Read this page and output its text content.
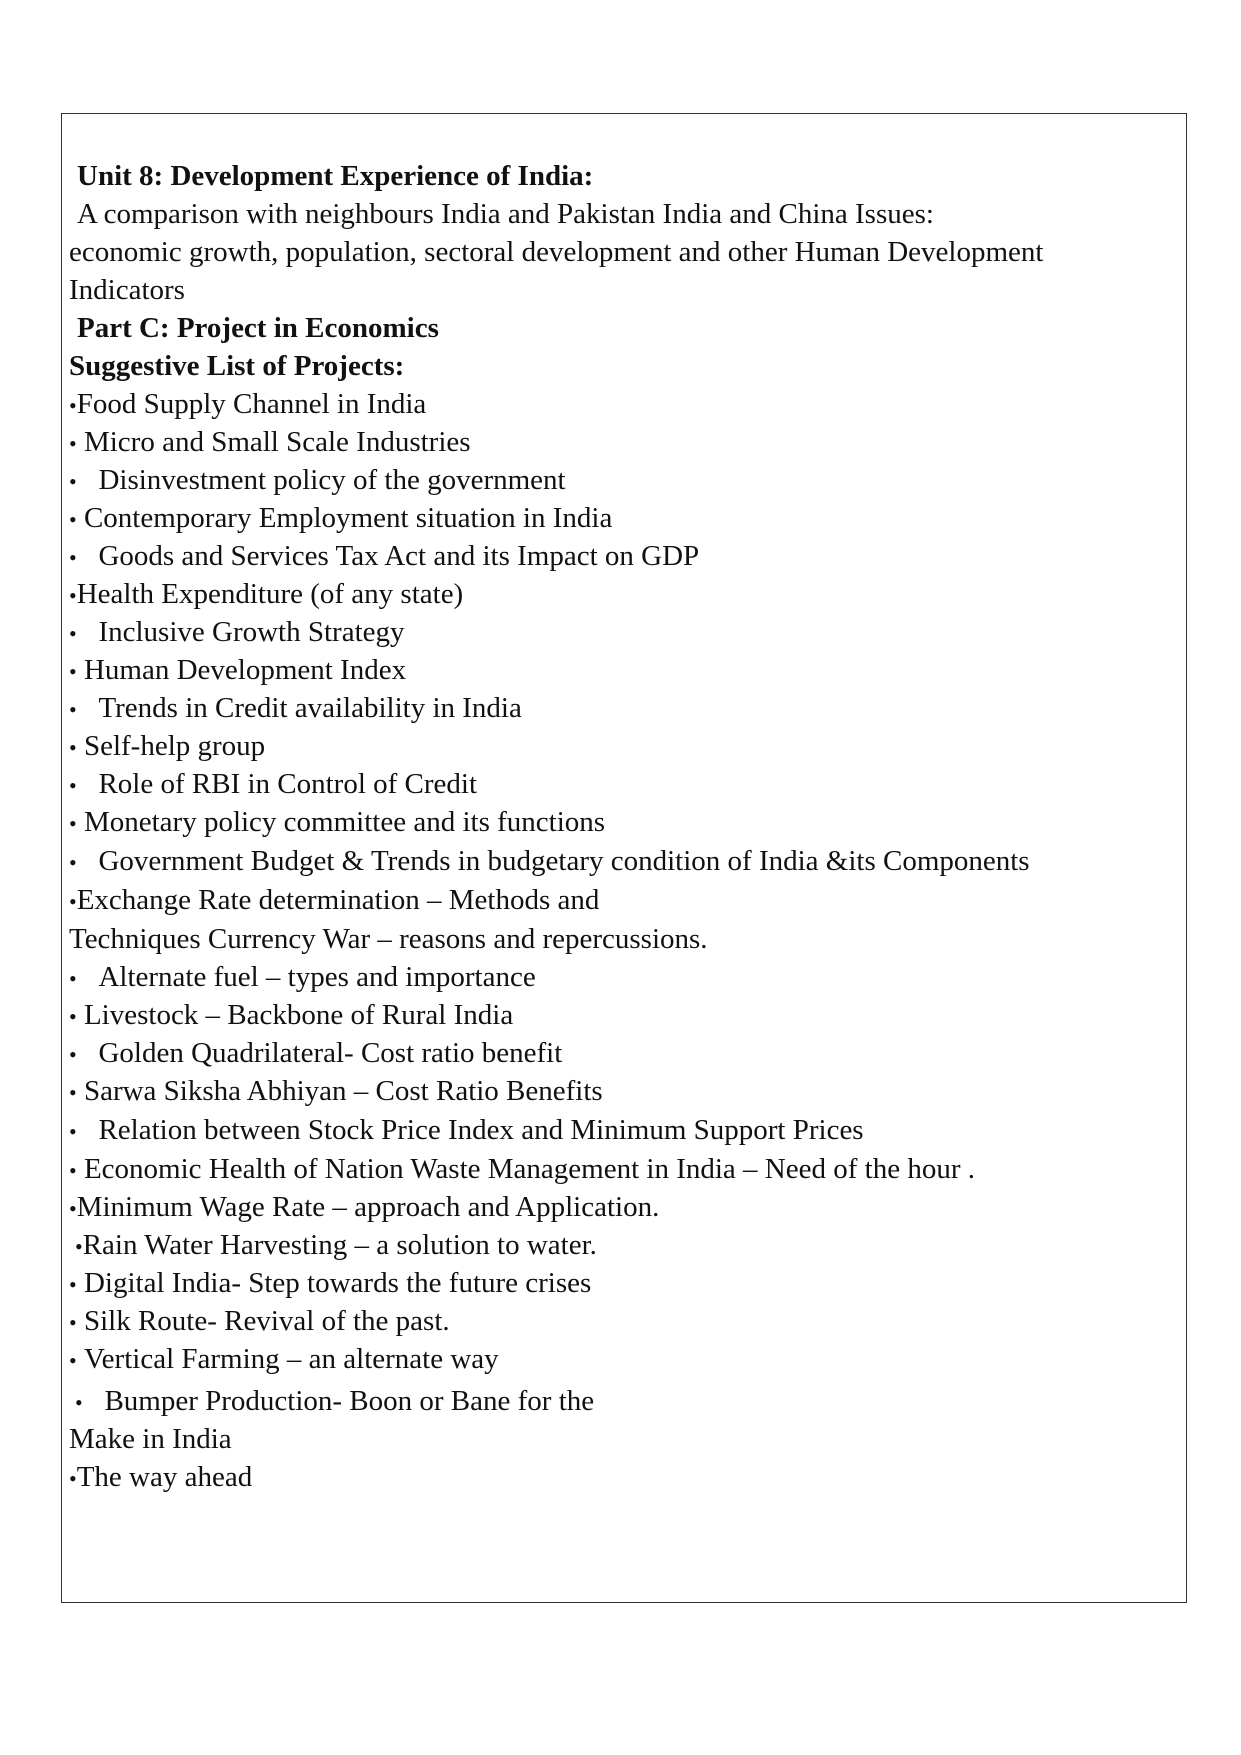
Unit 8: Development Experience of India:

A comparison with neighbours India and Pakistan India and China Issues:

economic growth, population, sectoral development and other Human Development

Indicators

Part C: Project in Economics

Suggestive List of Projects:

•Food Supply Channel in India

• Micro and Small Scale Industries

• Disinvestment policy of the government

• Contemporary Employment situation in India

• Goods and Services Tax Act and its Impact on GDP

•Health Expenditure (of any state)

• Inclusive Growth Strategy

• Human Development Index

• Trends in Credit availability in India

• Self-help group

• Role of RBI in Control of Credit

• Monetary policy committee and its functions

• Government Budget & Trends in budgetary condition of India &its Components

•Exchange Rate determination – Methods and

Techniques Currency War – reasons and repercussions.

• Alternate fuel – types and importance

• Livestock – Backbone of Rural India

• Golden Quadrilateral- Cost ratio benefit

• Sarwa Siksha Abhiyan – Cost Ratio Benefits

• Relation between Stock Price Index and Minimum Support Prices

• Economic Health of Nation Waste Management in India – Need of the hour .

•Minimum Wage Rate – approach and Application.

•Rain Water Harvesting – a solution to water.

• Digital India- Step towards the future crises

• Silk Route- Revival of the past.

• Vertical Farming – an alternate way

• Bumper Production- Boon or Bane for the

Make in India

•The way ahead
